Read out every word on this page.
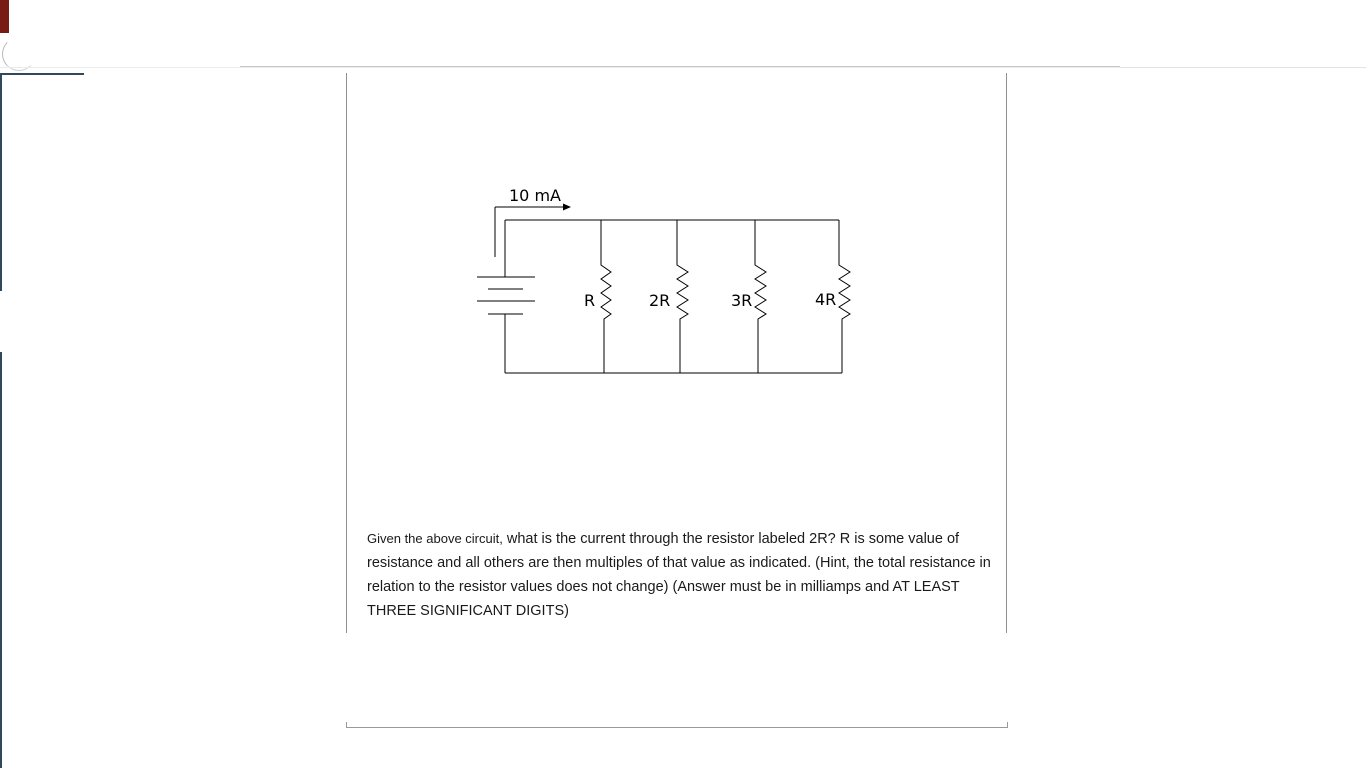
10 mA
R	2R	3R	4R

Given the above circuit, what is the current through the resistor labeled 2R? R is some value of resistance and all others are then multiples of that value as indicated. (Hint, the total resistance in relation to the resistor values does not change) (Answer must be in milliamps and AT LEAST THREE SIGNIFICANT DIGITS)
